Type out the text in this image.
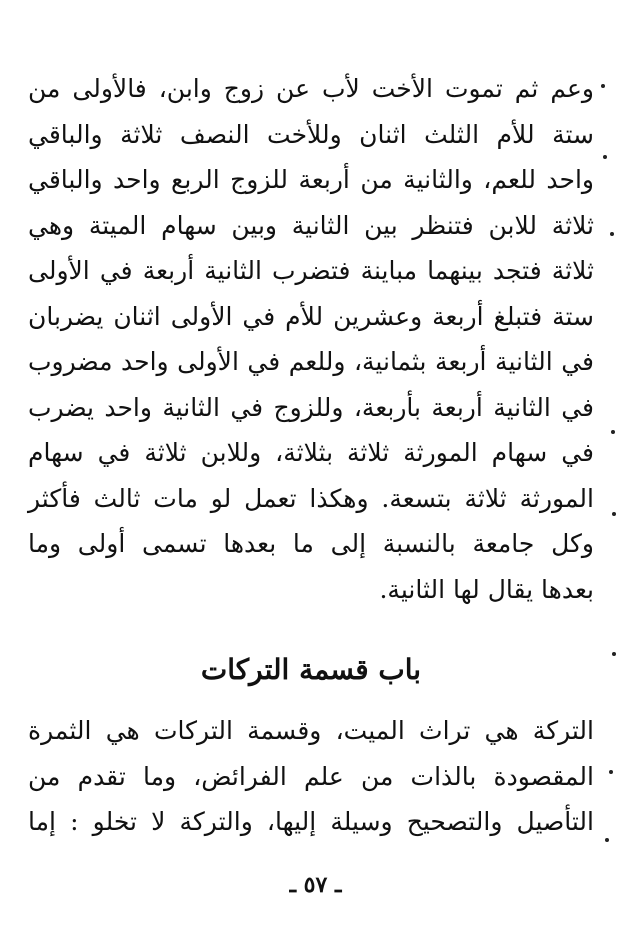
وعم ثم تموت الأخت لأب عن زوج وابن، فالأولى من
ستة للأم الثلث اثنان وللأخت النصف ثلاثة والباقي
واحد للعم، والثانية من أربعة للزوج الربع واحد والباقي
ثلاثة للابن فتنظر بين الثانية وبين سهام الميتة وهي
ثلاثة فتجد بينهما مباينة فتضرب الثانية أربعة في الأولى
ستة فتبلغ أربعة وعشرين للأم في الأولى اثنان يضربان
في الثانية أربعة بثمانية، وللعم في الأولى واحد مضروب
في الثانية أربعة بأربعة، وللزوج في الثانية واحد يضرب
في سهام المورثة ثلاثة بثلاثة، وللابن ثلاثة في سهام
المورثة ثلاثة بتسعة. وهكذا تعمل لو مات ثالث فأكثر
وكل جامعة بالنسبة إلى ما بعدها تسمى أولى وما
بعدها يقال لها الثانية.

باب قسمة التركات

التركة هي تراث الميت، وقسمة التركات هي الثمرة
المقصودة بالذات من علم الفرائض، وما تقدم من
التأصيل والتصحيح وسيلة إليها، والتركة لا تخلو : إما

ـ ٥٧ ـ
